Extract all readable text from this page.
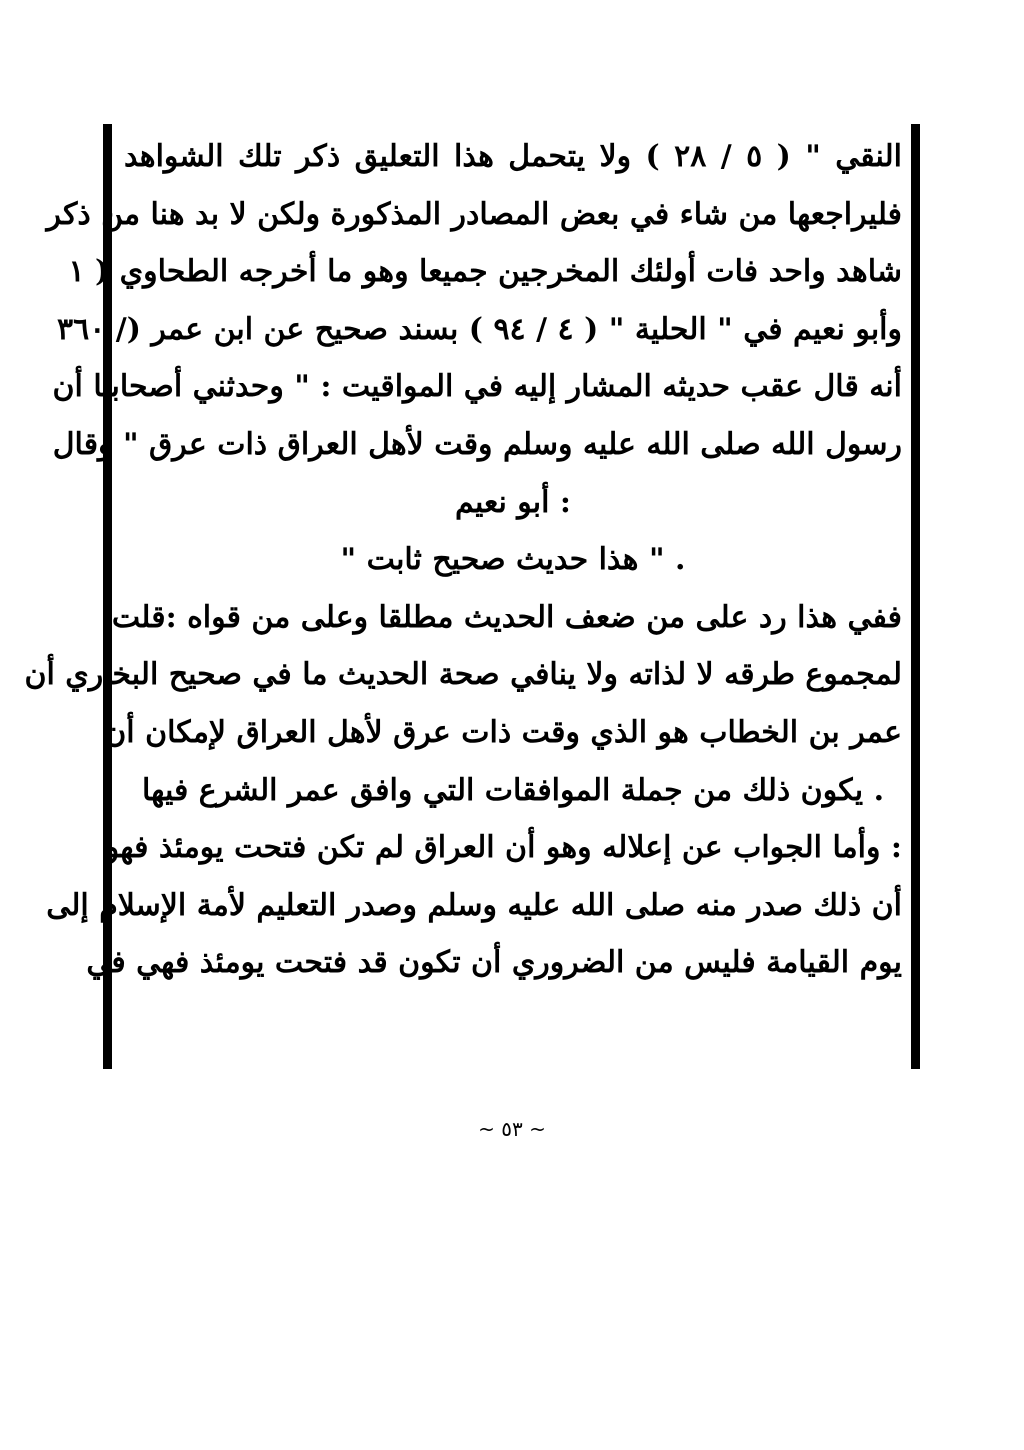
النقي " ( ٥ / ٢٨ ) ولا يتحمل هذا التعليق ذكر تلك الشواهد
فليراجعها من شاء في بعض المصادر المذكورة ولكن لا بد هنا من ذكر
شاهد واحد فات أولئك المخرجين جميعا وهو ما أخرجه الطحاوي ( ١
وأبو نعيم في " الحلية " ( ٤ / ٩٤ ) بسند صحيح عن ابن عمر (/ ٣٦٠
أنه قال عقب حديثه المشار إليه في المواقيت : " وحدثني أصحابنا أن
رسول الله صلى الله عليه وسلم وقت لأهل العراق ذات عرق " وقال
: أبو نعيم
. " هذا حديث صحيح ثابت "
ففي هذا رد على من ضعف الحديث مطلقا وعلى من قواه :قلت
لمجموع طرقه لا لذاته ولا ينافي صحة الحديث ما في صحيح البخاري أن
عمر بن الخطاب هو الذي وقت ذات عرق لأهل العراق لإمكان أن
. يكون ذلك من جملة الموافقات التي وافق عمر الشرع فيها
: وأما الجواب عن إعلاله وهو أن العراق لم تكن فتحت يومئذ فهو
أن ذلك صدر منه صلى الله عليه وسلم وصدر التعليم لأمة الإسلام إلى
يوم القيامة فليس من الضروري أن تكون قد فتحت يومئذ فهي في
~ ٥٣ ~
